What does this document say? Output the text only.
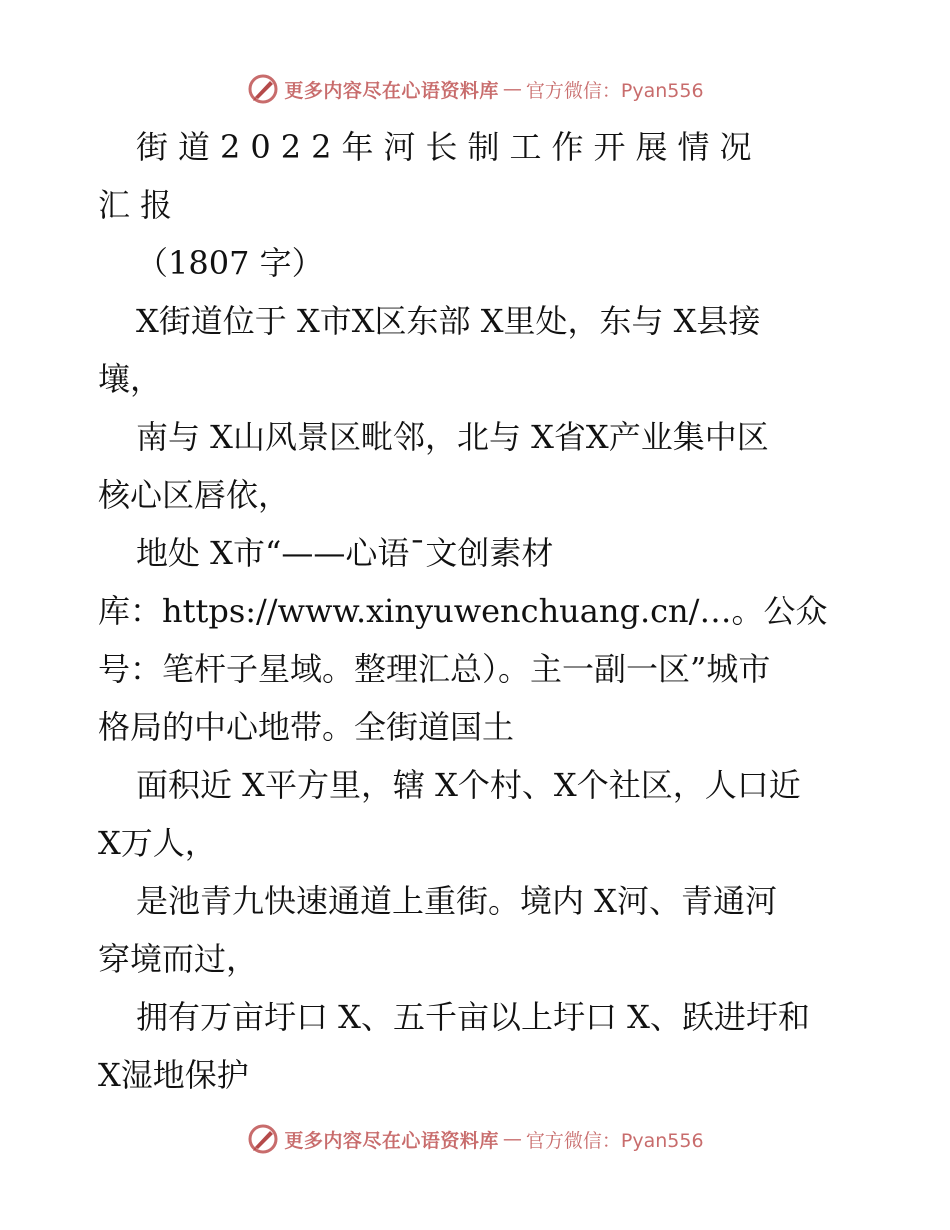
更多内容尽在心语资料库 — 官方微信：Pyan556

街道2022年河长制工作开展情况

汇报

（1807 字）

X街道位于 X市X区东部 X里处，东与 X县接

壤，

南与 X山风景区毗邻，北与 X省X产业集中区

核心区唇依，

地处 X市“——心语¯文创素材

库：https://www.xinyuwenchuang.cn/…。公众

号：笔杆子星域。整理汇总）。主一副一区”城市

格局的中心地带。全街道国土

面积近 X平方里，辖 X个村、X个社区，人口近

X万人，

是池青九快速通道上重街。境内 X河、青通河

穿境而过，

拥有万亩圩口 X、五千亩以上圩口 X、跃进圩和

X湿地保护

更多内容尽在心语资料库 — 官方微信：Pyan556
